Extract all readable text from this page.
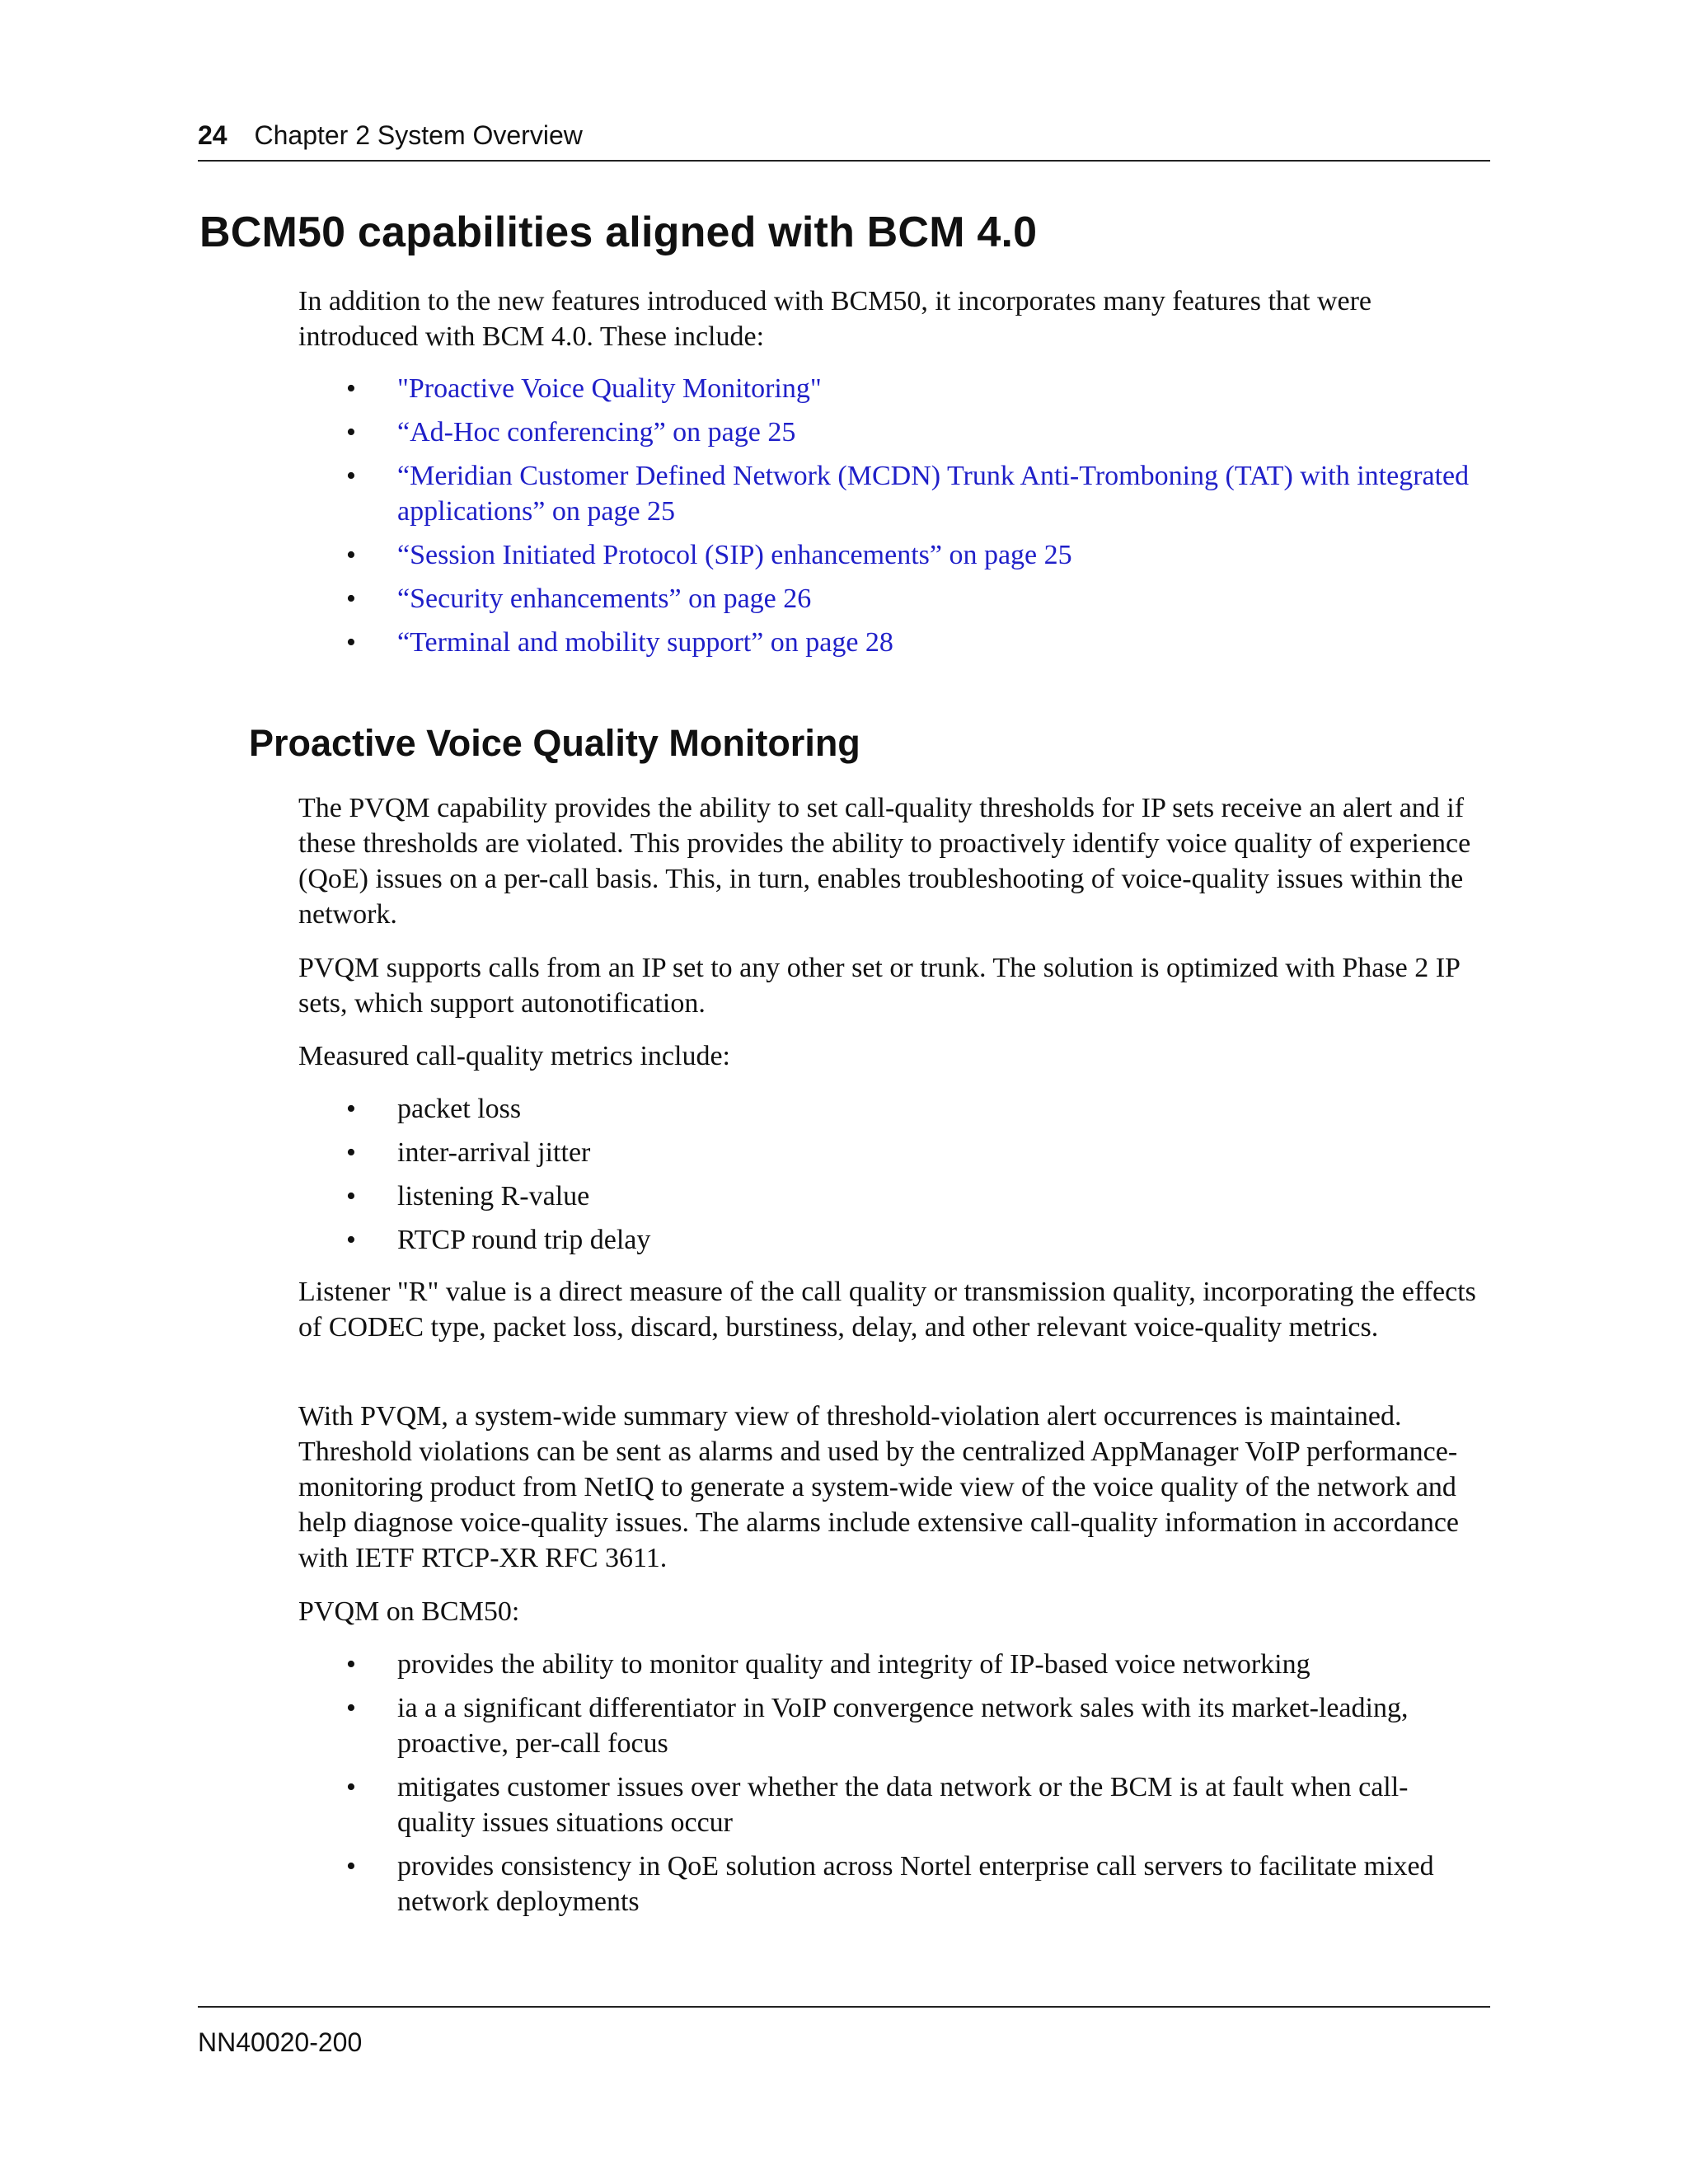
24 Chapter 2 System Overview
BCM50 capabilities aligned with BCM 4.0

In addition to the new features introduced with BCM50, it incorporates many features that were introduced with BCM 4.0. These include:

• "Proactive Voice Quality Monitoring"
• “Ad-Hoc conferencing” on page 25
• “Meridian Customer Defined Network (MCDN) Trunk Anti-Tromboning (TAT) with integrated applications” on page 25
• “Session Initiated Protocol (SIP) enhancements” on page 25
• “Security enhancements” on page 26
• “Terminal and mobility support” on page 28
Proactive Voice Quality Monitoring

The PVQM capability provides the ability to set call-quality thresholds for IP sets receive an alert and if these thresholds are violated. This provides the ability to proactively identify voice quality of experience (QoE) issues on a per-call basis. This, in turn, enables troubleshooting of voice-quality issues within the network.

PVQM supports calls from an IP set to any other set or trunk. The solution is optimized with Phase 2 IP sets, which support autonotification.

Measured call-quality metrics include:

• packet loss
• inter-arrival jitter
• listening R-value
• RTCP round trip delay

Listener "R" value is a direct measure of the call quality or transmission quality, incorporating the effects of CODEC type, packet loss, discard, burstiness, delay, and other relevant voice-quality metrics.

With PVQM, a system-wide summary view of threshold-violation alert occurrences is maintained. Threshold violations can be sent as alarms and used by the centralized AppManager VoIP performance-monitoring product from NetIQ to generate a system-wide view of the voice quality of the network and help diagnose voice-quality issues. The alarms include extensive call-quality information in accordance with IETF RTCP-XR RFC 3611.

PVQM on BCM50:

• provides the ability to monitor quality and integrity of IP-based voice networking
• ia a a significant differentiator in VoIP convergence network sales with its market-leading, proactive, per-call focus
• mitigates customer issues over whether the data network or the BCM is at fault when call-quality issues situations occur
• provides consistency in QoE solution across Nortel enterprise call servers to facilitate mixed network deployments
NN40020-200
